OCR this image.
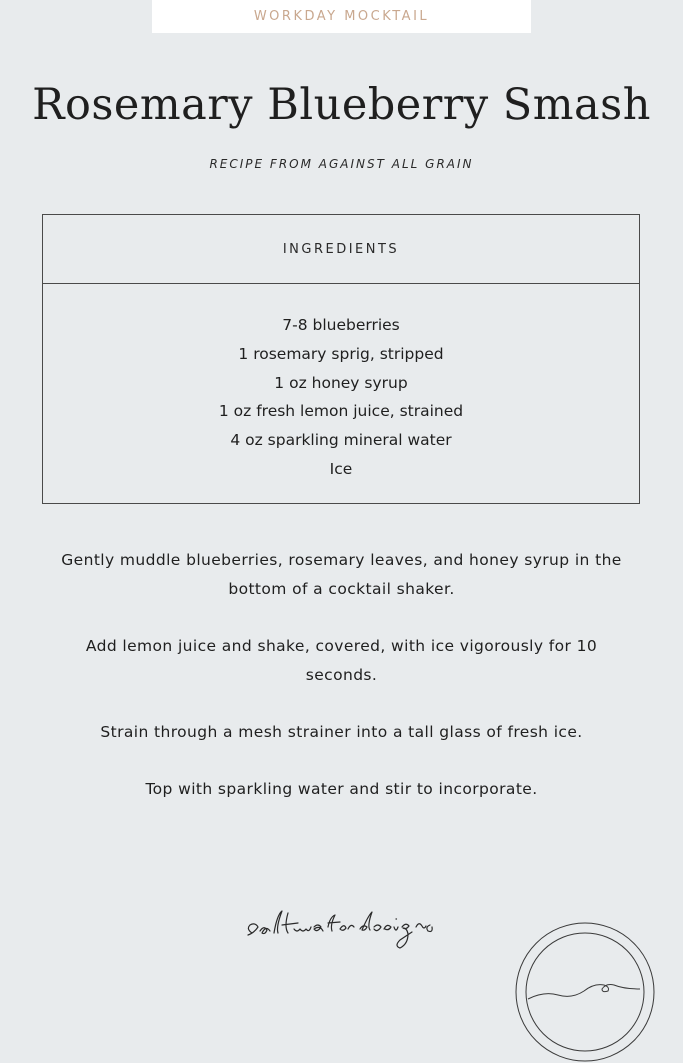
WORKDAY MOCKTAIL
Rosemary Blueberry Smash
RECIPE FROM AGAINST ALL GRAIN
INGREDIENTS
7-8 blueberries
1 rosemary sprig, stripped
1 oz honey syrup
1 oz fresh lemon juice, strained
4 oz sparkling mineral water
Ice

Gently muddle blueberries, rosemary leaves, and honey syrup in the bottom of a cocktail shaker.

Add lemon juice and shake, covered, with ice vigorously for 10 seconds.

Strain through a mesh strainer into a tall glass of fresh ice.

Top with sparkling water and stir to incorporate.
